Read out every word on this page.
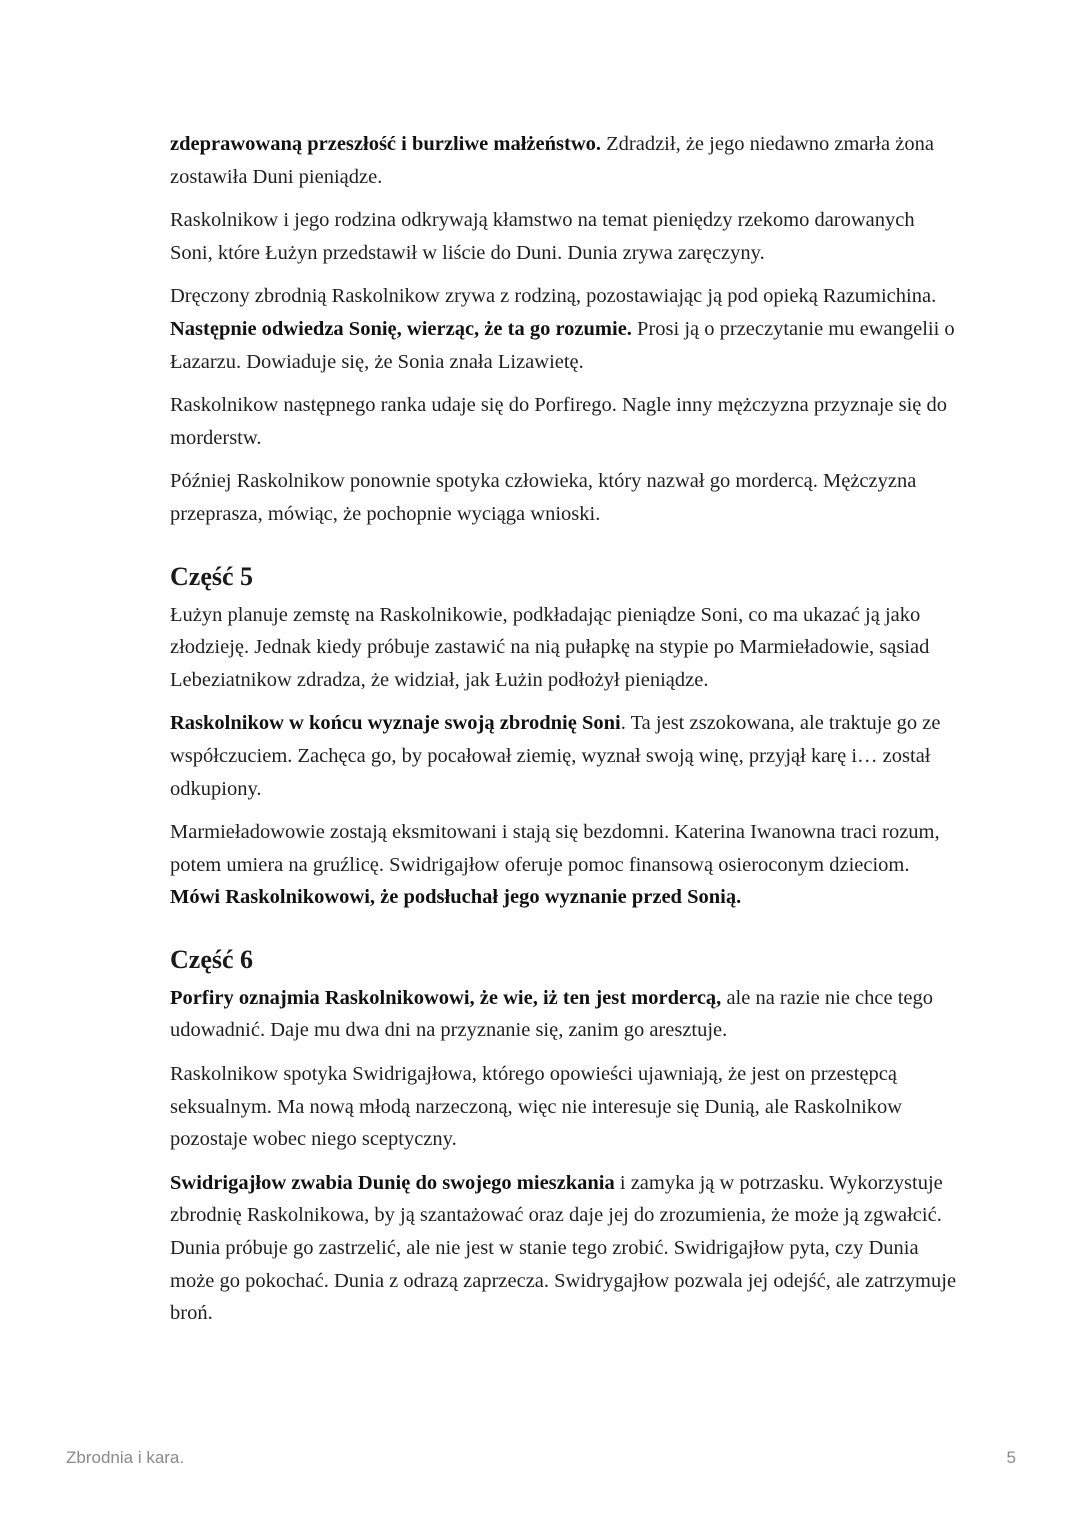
zdeprawowaną przeszłość i burzliwe małżeństwo. Zdradził, że jego niedawno zmarła żona zostawiła Duni pieniądze.

Raskolnikow i jego rodzina odkrywają kłamstwo na temat pieniędzy rzekomo darowanych Soni, które Łużyn przedstawił w liście do Duni. Dunia zrywa zaręczyny.

Dręczony zbrodnią Raskolnikow zrywa z rodziną, pozostawiając ją pod opieką Razumichina. Następnie odwiedza Sonię, wierząc, że ta go rozumie. Prosi ją o przeczytanie mu ewangelii o Łazarzu. Dowiaduje się, że Sonia znała Lizawietę.

Raskolnikow następnego ranka udaje się do Porfirego. Nagle inny mężczyzna przyznaje się do morderstw.

Później Raskolnikow ponownie spotyka człowieka, który nazwał go mordercą. Mężczyzna przeprasza, mówiąc, że pochopnie wyciąga wnioski.

Część 5

Łużyn planuje zemstę na Raskolnikowie, podkładając pieniądze Soni, co ma ukazać ją jako złodzieję. Jednak kiedy próbuje zastawić na nią pułapkę na stypie po Marmieładowie, sąsiad Lebeziatnikow zdradza, że widział, jak Łużin podłożył pieniądze.

Raskolnikow w końcu wyznaje swoją zbrodnię Soni. Ta jest zszokowana, ale traktuje go ze współczuciem. Zachęca go, by pocałował ziemię, wyznał swoją winę, przyjął karę i… został odkupiony.

Marmieładowowie zostają eksmitowani i stają się bezdomni. Katerina Iwanowna traci rozum, potem umiera na gruźlicę. Swidrigajłow oferuje pomoc finansową osieroconym dzieciom. Mówi Raskolnikowowi, że podsłuchał jego wyznanie przed Sonią.

Część 6

Porfiry oznajmia Raskolnikowowi, że wie, iż ten jest mordercą, ale na razie nie chce tego udowadnić. Daje mu dwa dni na przyznanie się, zanim go aresztuje.

Raskolnikow spotyka Swidrigajłowa, którego opowieści ujawniają, że jest on przestępcą seksualnym. Ma nową młodą narzeczoną, więc nie interesuje się Dunią, ale Raskolnikow pozostaje wobec niego sceptyczny.

Swidrigajłow zwabia Dunię do swojego mieszkania i zamyka ją w potrzasku. Wykorzystuje zbrodnię Raskolnikowa, by ją szantażować oraz daje jej do zrozumienia, że może ją zgwałcić. Dunia próbuje go zastrzelić, ale nie jest w stanie tego zrobić. Swidrigajłow pyta, czy Dunia może go pokochać. Dunia z odrazą zaprzecza. Swidrygajłow pozwala jej odejść, ale zatrzymuje broń.

Zbrodnia i kara.	5
